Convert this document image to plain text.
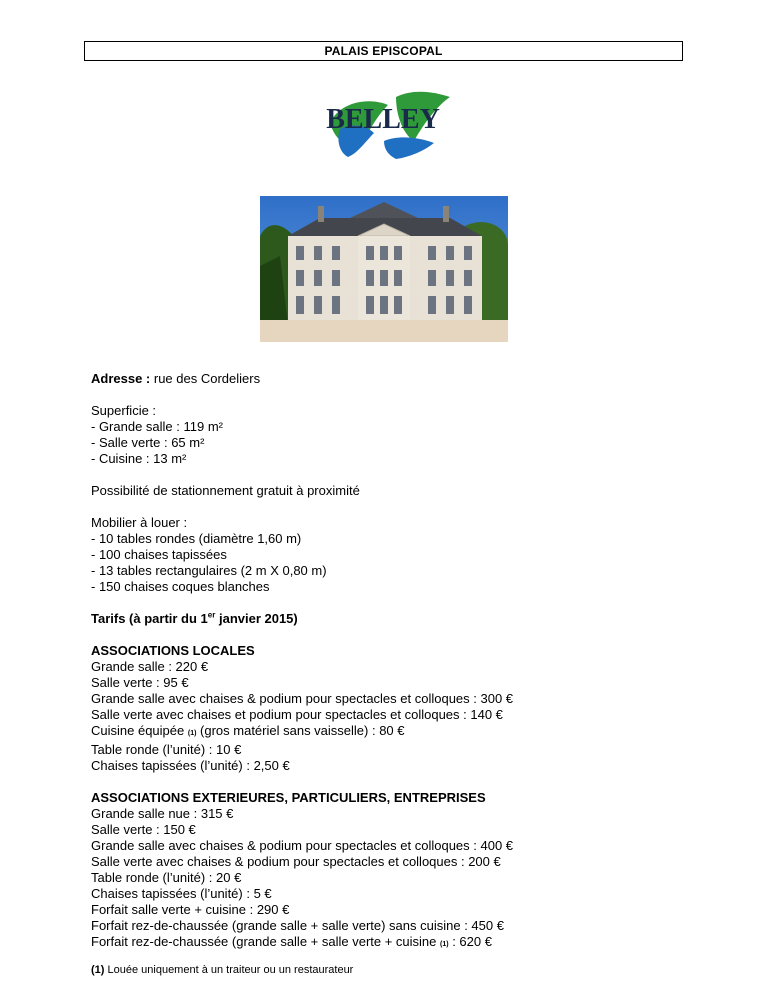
PALAIS EPISCOPAL
BELLEY

Adresse : rue des Cordeliers

Superficie :

- Grande salle : 119 m²

- Salle verte : 65 m²

- Cuisine : 13 m²

Possibilité de stationnement gratuit à proximité

Mobilier à louer :

- 10 tables rondes (diamètre 1,60 m)

- 100 chaises tapissées

- 13 tables rectangulaires (2 m X 0,80 m)

- 150 chaises coques blanches

Tarifs (à partir du 1er janvier 2015)

ASSOCIATIONS LOCALES

Grande salle : 220 €

Salle verte : 95 €

Grande salle avec chaises & podium pour spectacles et colloques : 300 €

Salle verte avec chaises et podium pour spectacles et colloques : 140 €

Cuisine équipée (1) (gros matériel sans vaisselle) : 80 €

Table ronde (l’unité) : 10 €

Chaises tapissées (l’unité) : 2,50 €

ASSOCIATIONS EXTERIEURES, PARTICULIERS, ENTREPRISES

Grande salle nue : 315 €

Salle verte : 150 €

Grande salle avec chaises & podium pour spectacles et colloques : 400 €

Salle verte avec chaises & podium pour spectacles et colloques : 200 €

Table ronde (l’unité) : 20 €

Chaises tapissées (l’unité) : 5 €

Forfait salle verte + cuisine : 290 €

Forfait rez-de-chaussée (grande salle + salle verte) sans cuisine : 450 €

Forfait rez-de-chaussée (grande salle + salle verte + cuisine (1) : 620 €

(1) Louée uniquement à un traiteur ou un restaurateur
